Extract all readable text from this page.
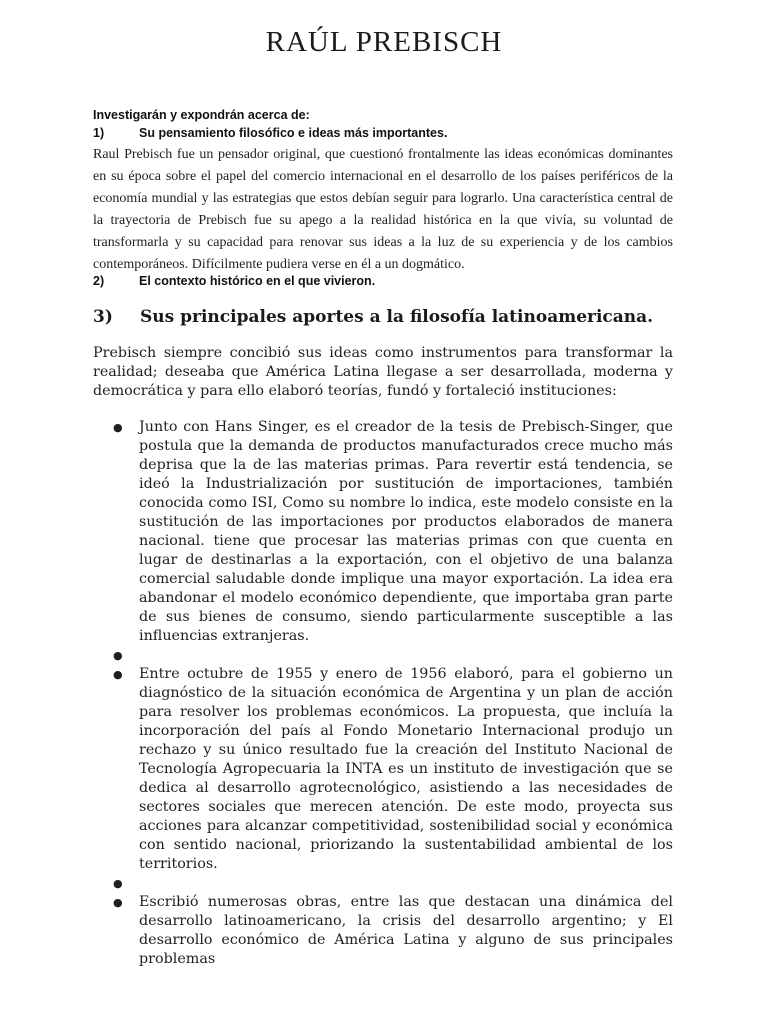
RAÚL PREBISCH
Investigarán y expondrán acerca de:
1)	Su pensamiento filosófico e ideas más importantes.
Raul Prebisch fue un pensador original, que cuestionó frontalmente las ideas económicas dominantes en su época sobre el papel del comercio internacional en el desarrollo de los países periféricos de la economía mundial y las estrategias que estos debían seguir para lograrlo. Una característica central de la trayectoria de Prebisch fue su apego a la realidad histórica en la que vivía, su voluntad de transformarla y su capacidad para renovar sus ideas a la luz de su experiencia y de los cambios contemporáneos. Difícilmente pudiera verse en él a un dogmático.
2)	El contexto histórico en el que vivieron.
3) Sus principales aportes a la filosofía latinoamericana.
Prebisch siempre concibió sus ideas como instrumentos para transformar la realidad; deseaba que América Latina llegase a ser desarrollada, moderna y democrática y para ello elaboró teorías, fundó y fortaleció instituciones:
●	Junto con Hans Singer, es el creador de la tesis de Prebisch-Singer, que postula que la demanda de productos manufacturados crece mucho más deprisa que la de las materias primas. Para revertir está tendencia, se ideó la Industrialización por sustitución de importaciones, también conocida como ISI, Como su nombre lo indica, este modelo consiste en la sustitución de las importaciones por productos elaborados de manera nacional. tiene que procesar las materias primas con que cuenta en lugar de destinarlas a la exportación, con el objetivo de una balanza comercial saludable donde implique una mayor exportación. La idea era abandonar el modelo económico dependiente, que importaba gran parte de sus bienes de consumo, siendo particularmente susceptible a las influencias extranjeras.
●
●	Entre octubre de 1955 y enero de 1956 elaboró, para el gobierno un diagnóstico de la situación económica de Argentina y un plan de acción para resolver los problemas económicos. La propuesta, que incluía la incorporación del país al Fondo Monetario Internacional produjo un rechazo y su único resultado fue la creación del Instituto Nacional de Tecnología Agropecuaria la INTA es un instituto de investigación que se dedica al desarrollo agrotecnológico, asistiendo a las necesidades de sectores sociales que merecen atención. De este modo, proyecta sus acciones para alcanzar competitividad, sostenibilidad social y económica con sentido nacional, priorizando la sustentabilidad ambiental de los territorios.
●
●	Escribió numerosas obras, entre las que destacan una dinámica del desarrollo latinoamericano, la crisis del desarrollo argentino; y El desarrollo económico de América Latina y alguno de sus principales problemas
